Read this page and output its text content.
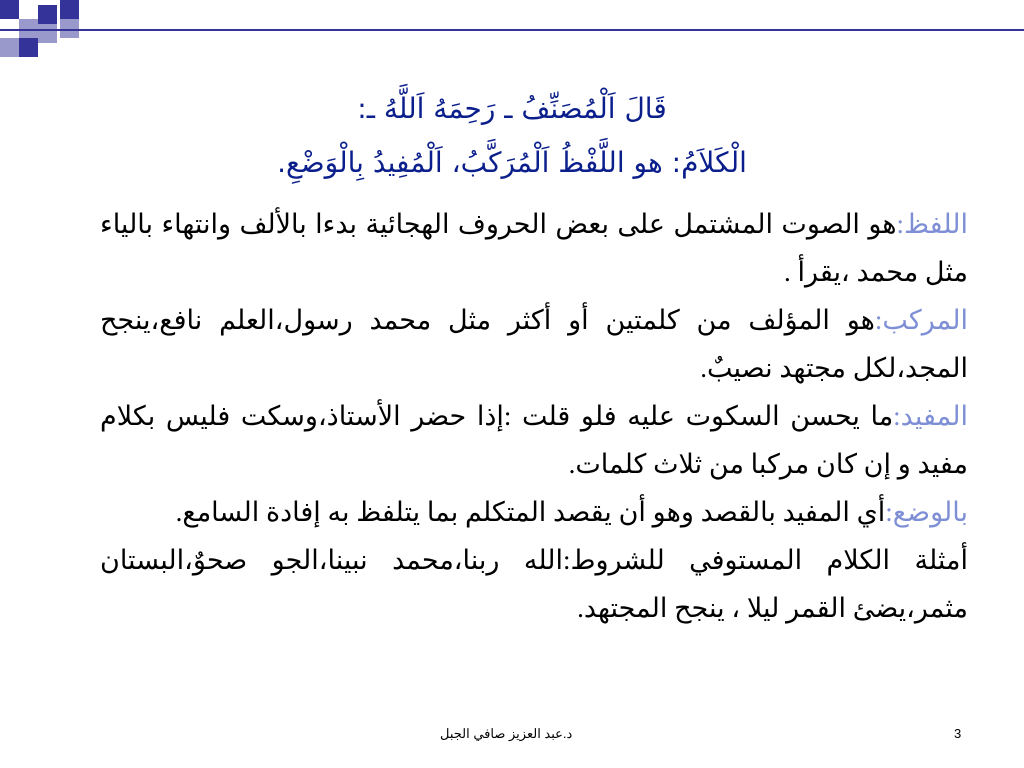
قَالَ اَلْمُصَنِّفُ ـ رَحِمَهُ اَللَّهُ ـ:
الْكَلاَمُ: هو اللَّفْظُ اَلْمُرَكَّبُ، اَلْمُفِيدُ بِالْوَضْعِ.

اللفظ:هو الصوت المشتمل على بعض الحروف الهجائية بدءا بالألف وانتهاء بالياء مثل محمد ،يقرأ .

المركب:هو المؤلف من كلمتين أو أكثر مثل محمد رسول،العلم نافع،ينجح المجد،لكل مجتهد نصيبٌ.

المفيد:ما يحسن السكوت عليه فلو قلت :إذا حضر الأستاذ،وسكت فليس بكلام مفيد و إن كان مركبا من ثلاث كلمات.

بالوضع:أي المفيد بالقصد وهو أن يقصد المتكلم بما يتلفظ به إفادة السامع.

أمثلة الكلام المستوفي للشروط:الله ربنا،محمد نبينا،الجو صحوٌ،البستان مثمر،يضئ القمر ليلا ، ينجح المجتهد.

د.عبد العزيز صافي الجبل	3
